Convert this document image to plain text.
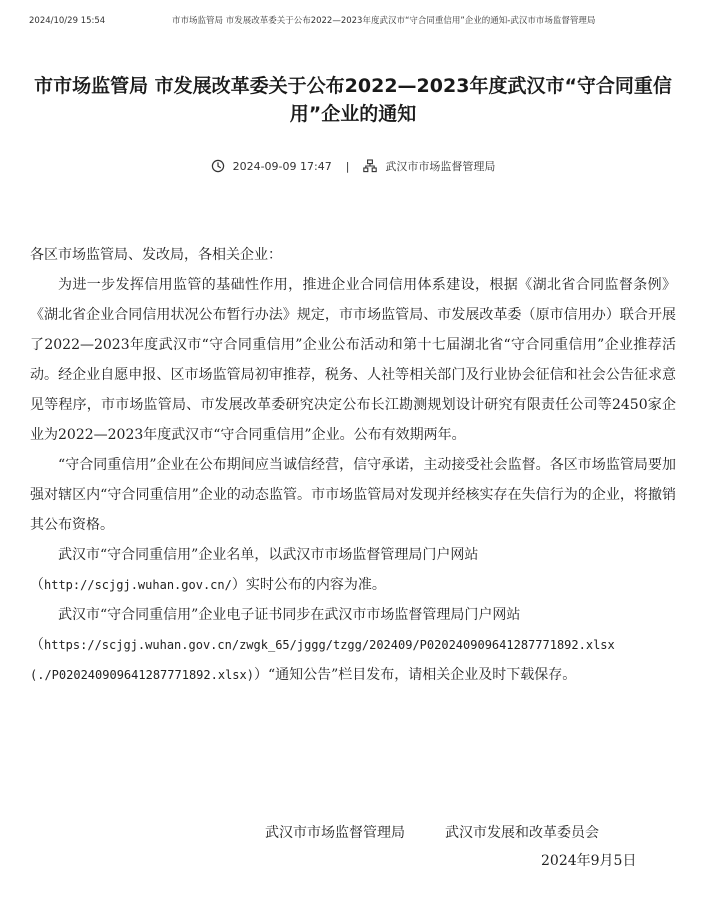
2024/10/29 15:54	市市场监管局 市发展改革委关于公布2022—2023年度武汉市“守合同重信用”企业的通知-武汉市市场监督管理局
市市场监管局 市发展改革委关于公布2022—2023年度武汉市“守合同重信用”企业的通知
2024-09-09 17:47 |	武汉市市场监督管理局

各区市场监管局、发改局，各相关企业：

为进一步发挥信用监管的基础性作用，推进企业合同信用体系建设，根据《湖北省合同监督条例》《湖北省企业合同信用状况公布暂行办法》规定，市市场监管局、市发展改革委（原市信用办）联合开展了2022—2023年度武汉市“守合同重信用”企业公布活动和第十七届湖北省“守合同重信用”企业推荐活动。经企业自愿申报、区市场监管局初审推荐，税务、人社等相关部门及行业协会征信和社会公告征求意见等程序，市市场监管局、市发展改革委研究决定公布长江勘测规划设计研究有限责任公司等2450家企业为2022—2023年度武汉市“守合同重信用”企业。公布有效期两年。

“守合同重信用”企业在公布期间应当诚信经营，信守承诺，主动接受社会监督。各区市场监管局要加强对辖区内“守合同重信用”企业的动态监管。市市场监管局对发现并经核实存在失信行为的企业，将撤销其公布资格。

武汉市“守合同重信用”企业名单，以武汉市市场监督管理局门户网站（http://scjgj.wuhan.gov.cn/）实时公布的内容为准。

武汉市“守合同重信用”企业电子证书同步在武汉市市场监督管理局门户网站（https://scjgj.wuhan.gov.cn/zwgk_65/jggg/tzgg/202409/P020240909641287771892.xlsx
(./P020240909641287771892.xlsx)）“通知公告”栏目发布，请相关企业及时下载保存。

武汉市市场监督管理局	武汉市发展和改革委员会
2024年9月5日
